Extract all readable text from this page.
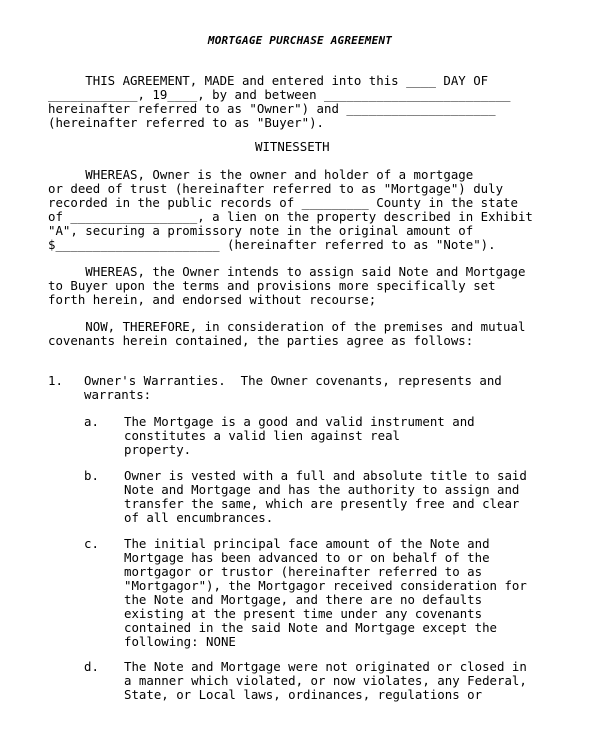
MORTGAGE PURCHASE AGREEMENT
THIS AGREEMENT, MADE and entered into this ____ DAY OF
____________, 19____, by and between _________________________
hereinafter referred to as "Owner") and ____________________
(hereinafter referred to as "Buyer").
WITNESSETH
WHEREAS, Owner is the owner and holder of a mortgage
or deed of trust (hereinafter referred to as "Mortgage") duly
recorded in the public records of _________ County in the state
of _________________, a lien on the property described in Exhibit
"A", securing a promissory note in the original amount of
$______________________ (hereinafter referred to as "Note").
WHEREAS, the Owner intends to assign said Note and Mortgage
to Buyer upon the terms and provisions more specifically set
forth herein, and endorsed without recourse;
NOW, THEREFORE, in consideration of the premises and mutual
covenants herein contained, the parties agree as follows:
1. Owner's Warranties.  The Owner covenants, represents and
warrants:
a. The Mortgage is a good and valid instrument and
constitutes a valid lien against real
property.
b. Owner is vested with a full and absolute title to said
Note and Mortgage and has the authority to assign and
transfer the same, which are presently free and clear
of all encumbrances.
c. The initial principal face amount of the Note and
Mortgage has been advanced to or on behalf of the
mortgagor or trustor (hereinafter referred to as
"Mortgagor"), the Mortgagor received consideration for
the Note and Mortgage, and there are no defaults
existing at the present time under any covenants
contained in the said Note and Mortgage except the
following: NONE
d. The Note and Mortgage were not originated or closed in
a manner which violated, or now violates, any Federal,
State, or Local laws, ordinances, regulations or
